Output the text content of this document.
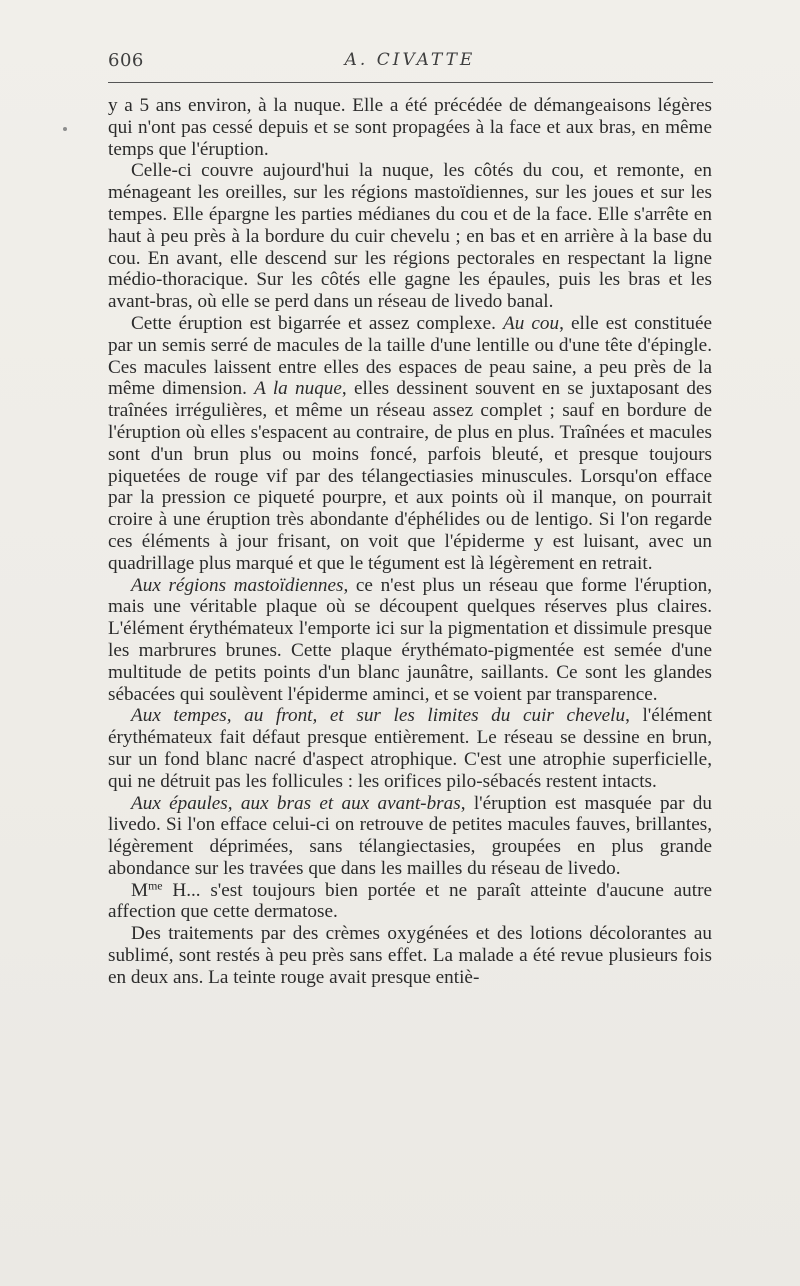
606	A. CIVATTE

y a 5 ans environ, à la nuque. Elle a été précédée de démangeaisons légères qui n'ont pas cessé depuis et se sont propagées à la face et aux bras, en même temps que l'éruption.

Celle-ci couvre aujourd'hui la nuque, les côtés du cou, et remonte, en ménageant les oreilles, sur les régions mastoïdiennes, sur les joues et sur les tempes. Elle épargne les parties médianes du cou et de la face. Elle s'arrête en haut à peu près à la bordure du cuir chevelu ; en bas et en arrière à la base du cou. En avant, elle descend sur les régions pectorales en respectant la ligne médio-thoracique. Sur les côtés elle gagne les épaules, puis les bras et les avant-bras, où elle se perd dans un réseau de livedo banal.

Cette éruption est bigarrée et assez complexe. Au cou, elle est constituée par un semis serré de macules de la taille d'une lentille ou d'une tête d'épingle. Ces macules laissent entre elles des espaces de peau saine, a peu près de la même dimension. A la nuque, elles dessinent souvent en se juxtaposant des traînées irrégulières, et même un réseau assez complet ; sauf en bordure de l'éruption où elles s'espacent au contraire, de plus en plus. Traînées et macules sont d'un brun plus ou moins foncé, parfois bleuté, et presque toujours piquetées de rouge vif par des télangectiasies minuscules. Lorsqu'on efface par la pression ce piqueté pourpre, et aux points où il manque, on pourrait croire à une éruption très abondante d'éphélides ou de lentigo. Si l'on regarde ces éléments à jour frisant, on voit que l'épiderme y est luisant, avec un quadrillage plus marqué et que le tégument est là légèrement en retrait.

Aux régions mastoïdiennes, ce n'est plus un réseau que forme l'éruption, mais une véritable plaque où se découpent quelques réserves plus claires. L'élément érythémateux l'emporte ici sur la pigmentation et dissimule presque les marbrures brunes. Cette plaque érythémato-pigmentée est semée d'une multitude de petits points d'un blanc jaunâtre, saillants. Ce sont les glandes sébacées qui soulèvent l'épiderme aminci, et se voient par transparence.

Aux tempes, au front, et sur les limites du cuir chevelu, l'élément érythémateux fait défaut presque entièrement. Le réseau se dessine en brun, sur un fond blanc nacré d'aspect atrophique. C'est une atrophie superficielle, qui ne détruit pas les follicules : les orifices pilo-sébacés restent intacts.

Aux épaules, aux bras et aux avant-bras, l'éruption est masquée par du livedo. Si l'on efface celui-ci on retrouve de petites macules fauves, brillantes, légèrement déprimées, sans télangiectasies, groupées en plus grande abondance sur les travées que dans les mailles du réseau de livedo.

$M^{me}$ H... s'est toujours bien portée et ne paraît atteinte d'aucune autre affection que cette dermatose.

Des traitements par des crèmes oxygénées et des lotions décolorantes au sublimé, sont restés à peu près sans effet. La malade a été revue plusieurs fois en deux ans. La teinte rouge avait presque entiè-
